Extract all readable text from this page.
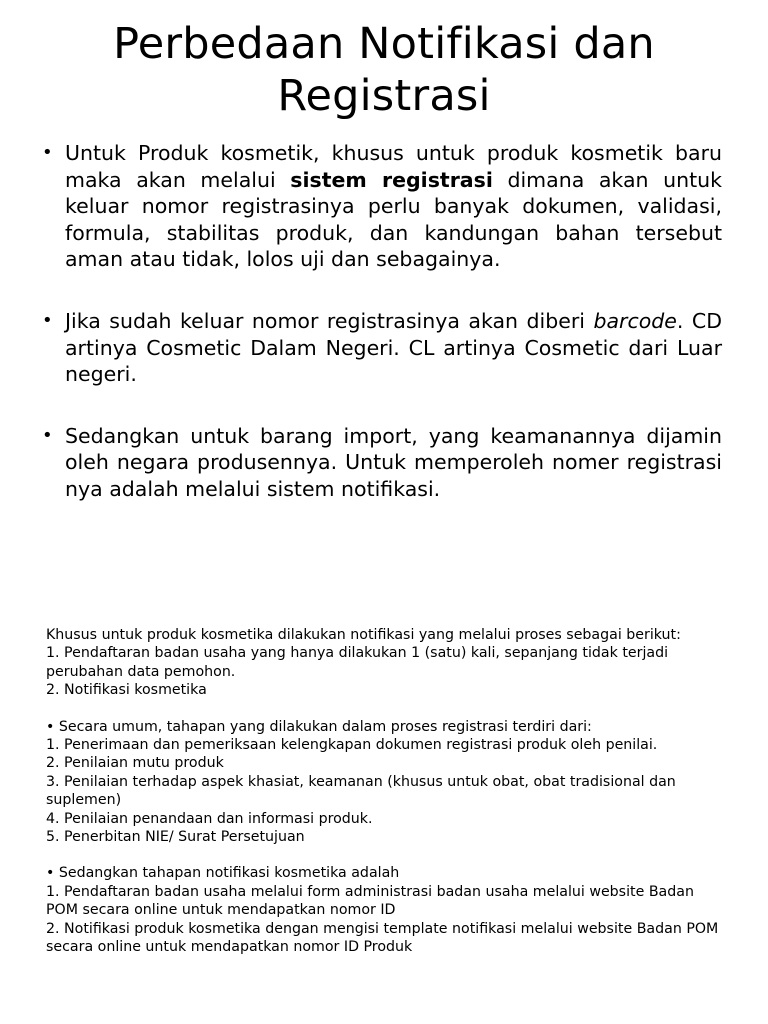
Perbedaan Notifikasi dan Registrasi
• Untuk Produk kosmetik, khusus untuk produk kosmetik baru maka akan melalui sistem registrasi dimana akan untuk keluar nomor registrasinya perlu banyak dokumen, validasi, formula, stabilitas produk, dan kandungan bahan tersebut aman atau tidak, lolos uji dan sebagainya.
• Jika sudah keluar nomor registrasinya akan diberi barcode. CD artinya Cosmetic Dalam Negeri. CL artinya Cosmetic dari Luar negeri.
• Sedangkan untuk barang import, yang keamanannya dijamin oleh negara produsennya. Untuk memperoleh nomer registrasi nya adalah melalui sistem notifikasi.

Khusus untuk produk kosmetika dilakukan notifikasi yang melalui proses sebagai berikut:

1. Pendaftaran badan usaha yang hanya dilakukan 1 (satu) kali, sepanjang tidak terjadi perubahan data pemohon.

2. Notifikasi kosmetika

• Secara umum, tahapan yang dilakukan dalam proses registrasi terdiri dari:

1. Penerimaan dan pemeriksaan kelengkapan dokumen registrasi produk oleh penilai.

2. Penilaian mutu produk

3. Penilaian terhadap aspek khasiat, keamanan (khusus untuk obat, obat tradisional dan suplemen)

4. Penilaian penandaan dan informasi produk.

5. Penerbitan NIE/ Surat Persetujuan

• Sedangkan tahapan notifikasi kosmetika adalah

1. Pendaftaran badan usaha melalui form administrasi badan usaha melalui website Badan POM secara online untuk mendapatkan nomor ID

2. Notifikasi produk kosmetika dengan mengisi template notifikasi melalui website Badan POM secara online untuk mendapatkan nomor ID Produk
